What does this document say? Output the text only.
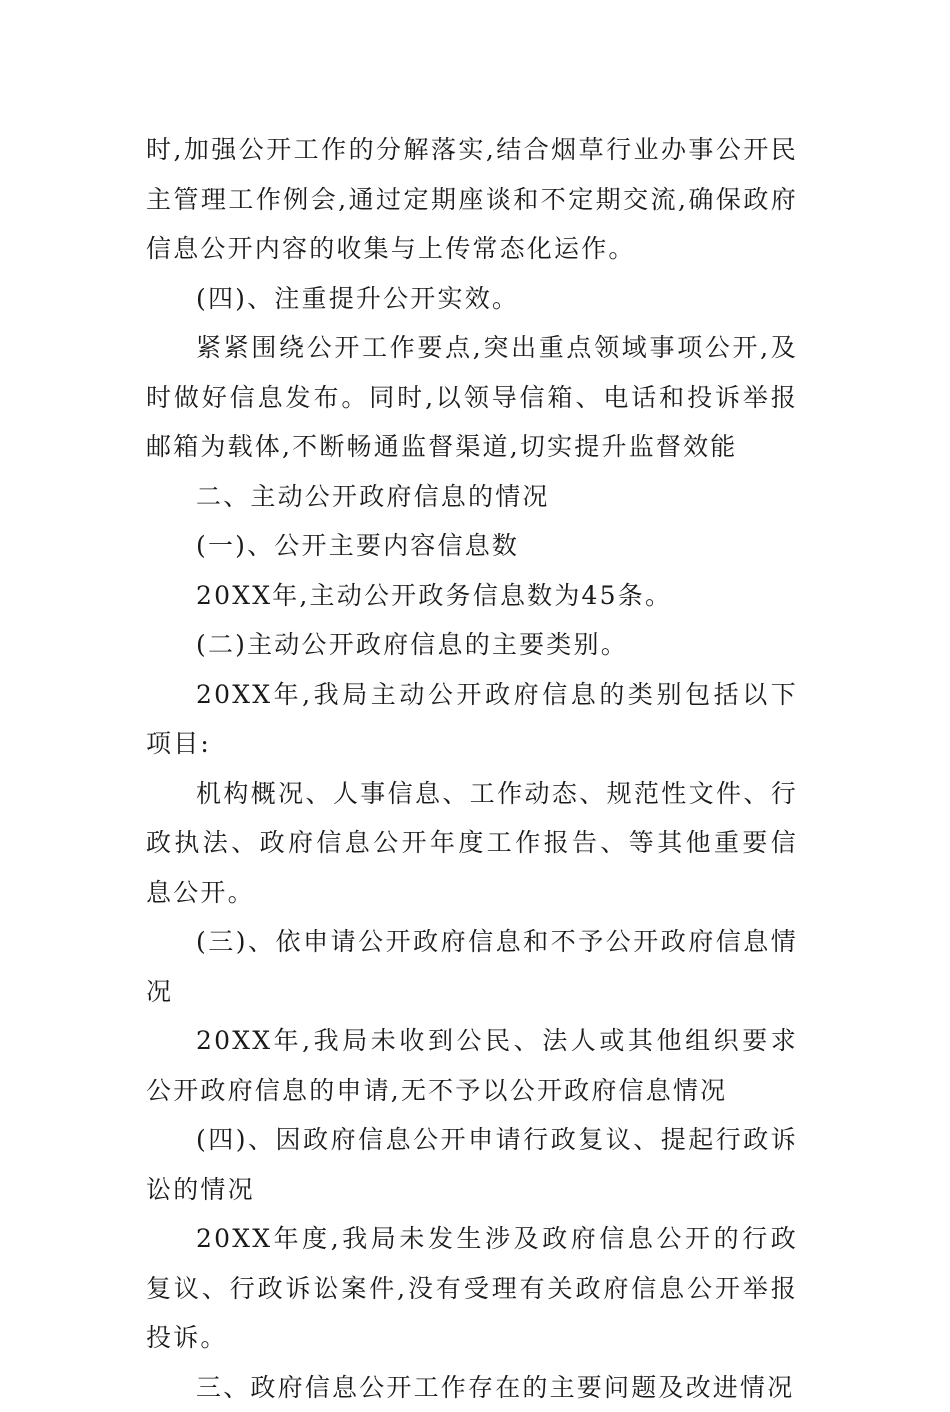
时,加强公开工作的分解落实,结合烟草行业办事公开民主管理工作例会,通过定期座谈和不定期交流,确保政府信息公开内容的收集与上传常态化运作。

(四)、注重提升公开实效。

紧紧围绕公开工作要点,突出重点领域事项公开,及时做好信息发布。同时,以领导信箱、电话和投诉举报邮箱为载体,不断畅通监督渠道,切实提升监督效能

二、主动公开政府信息的情况

(一)、公开主要内容信息数

20XX年,主动公开政务信息数为45条。

(二)主动公开政府信息的主要类别。

20XX年,我局主动公开政府信息的类别包括以下项目:

机构概况、人事信息、工作动态、规范性文件、行政执法、政府信息公开年度工作报告、等其他重要信息公开。

(三)、依申请公开政府信息和不予公开政府信息情况

20XX年,我局未收到公民、法人或其他组织要求公开政府信息的申请,无不予以公开政府信息情况

(四)、因政府信息公开申请行政复议、提起行政诉讼的情况

20XX年度,我局未发生涉及政府信息公开的行政复议、行政诉讼案件,没有受理有关政府信息公开举报投诉。

三、政府信息公开工作存在的主要问题及改进情况
